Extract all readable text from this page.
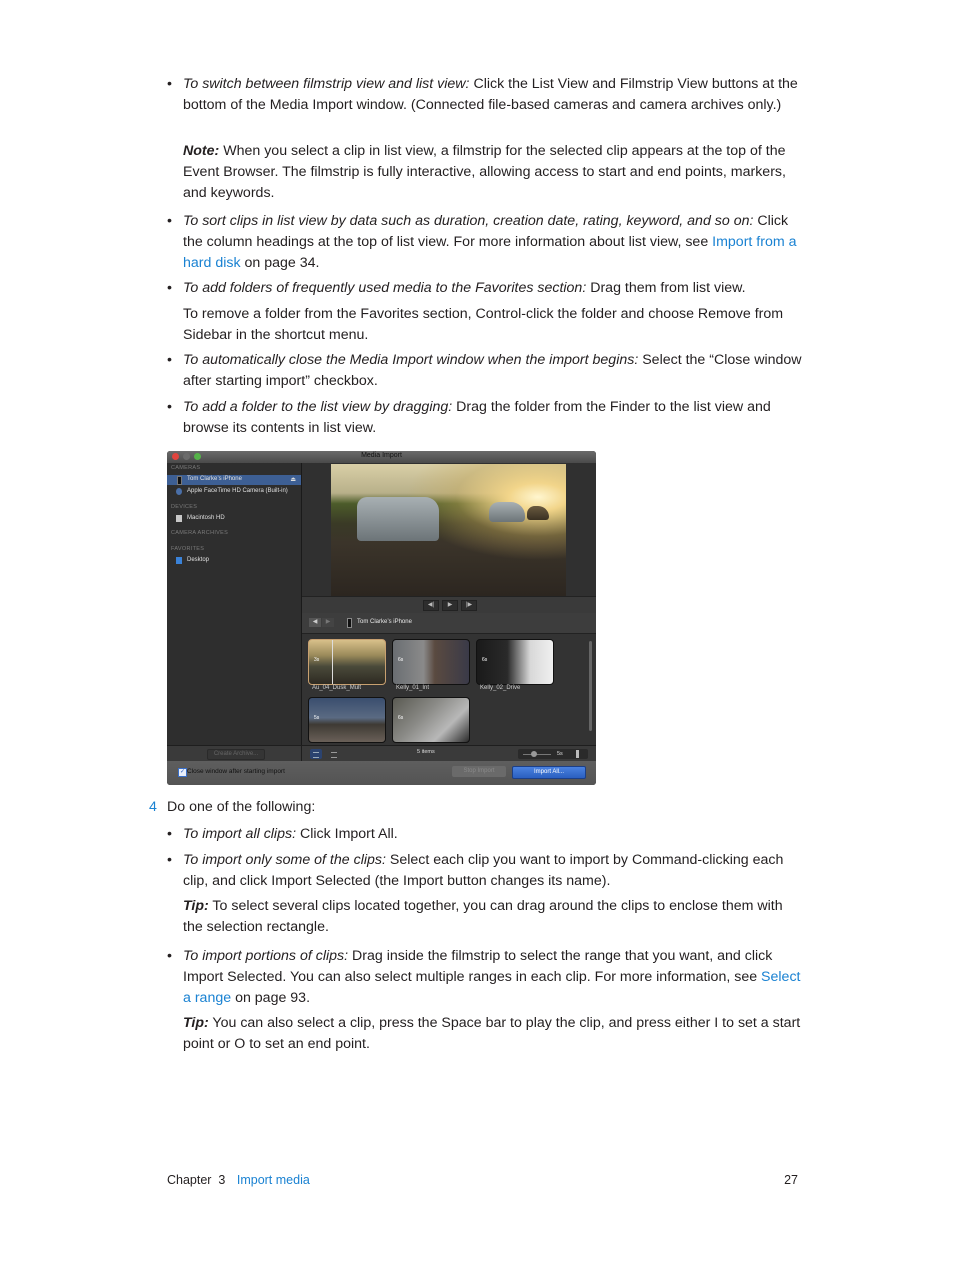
• To switch between filmstrip view and list view: Click the List View and Filmstrip View buttons at the bottom of the Media Import window. (Connected file-based cameras and camera archives only.)
Note: When you select a clip in list view, a filmstrip for the selected clip appears at the top of the Event Browser. The filmstrip is fully interactive, allowing access to start and end points, markers, and keywords.
• To sort clips in list view by data such as duration, creation date, rating, keyword, and so on: Click the column headings at the top of list view. For more information about list view, see Import from a hard disk on page 34.
• To add folders of frequently used media to the Favorites section: Drag them from list view.
To remove a folder from the Favorites section, Control-click the folder and choose Remove from Sidebar in the shortcut menu.
• To automatically close the Media Import window when the import begins: Select the “Close window after starting import” checkbox.
• To add a folder to the list view by dragging: Drag the folder from the Finder to the list view and browse its contents in list view.
Media Import
CAMERAS
Tom Clarke’s iPhone	⏏
Apple FaceTime HD Camera (Built-in)
DEVICES
Macintosh HD
CAMERA ARCHIVES
FAVORITES
Desktop
◀|	▶	|▶
◀	▶	Tom Clarke’s iPhone
3s
Au_04_Dusk_Mult
6s
Kelly_01_Int
6s
Kelly_02_Drive
5s	6s
Create Archive...	5 items	5s
✓ Close window after starting import	Stop Import	Import All...
4 Do one of the following:
• To import all clips: Click Import All.
• To import only some of the clips: Select each clip you want to import by Command-clicking each clip, and click Import Selected (the Import button changes its name).
Tip: To select several clips located together, you can drag around the clips to enclose them with the selection rectangle.
• To import portions of clips: Drag inside the filmstrip to select the range that you want, and click Import Selected. You can also select multiple ranges in each clip. For more information, see Select a range on page 93.
Tip: You can also select a clip, press the Space bar to play the clip, and press either I to set a start point or O to set an end point.
Chapter  3 Import media	27
